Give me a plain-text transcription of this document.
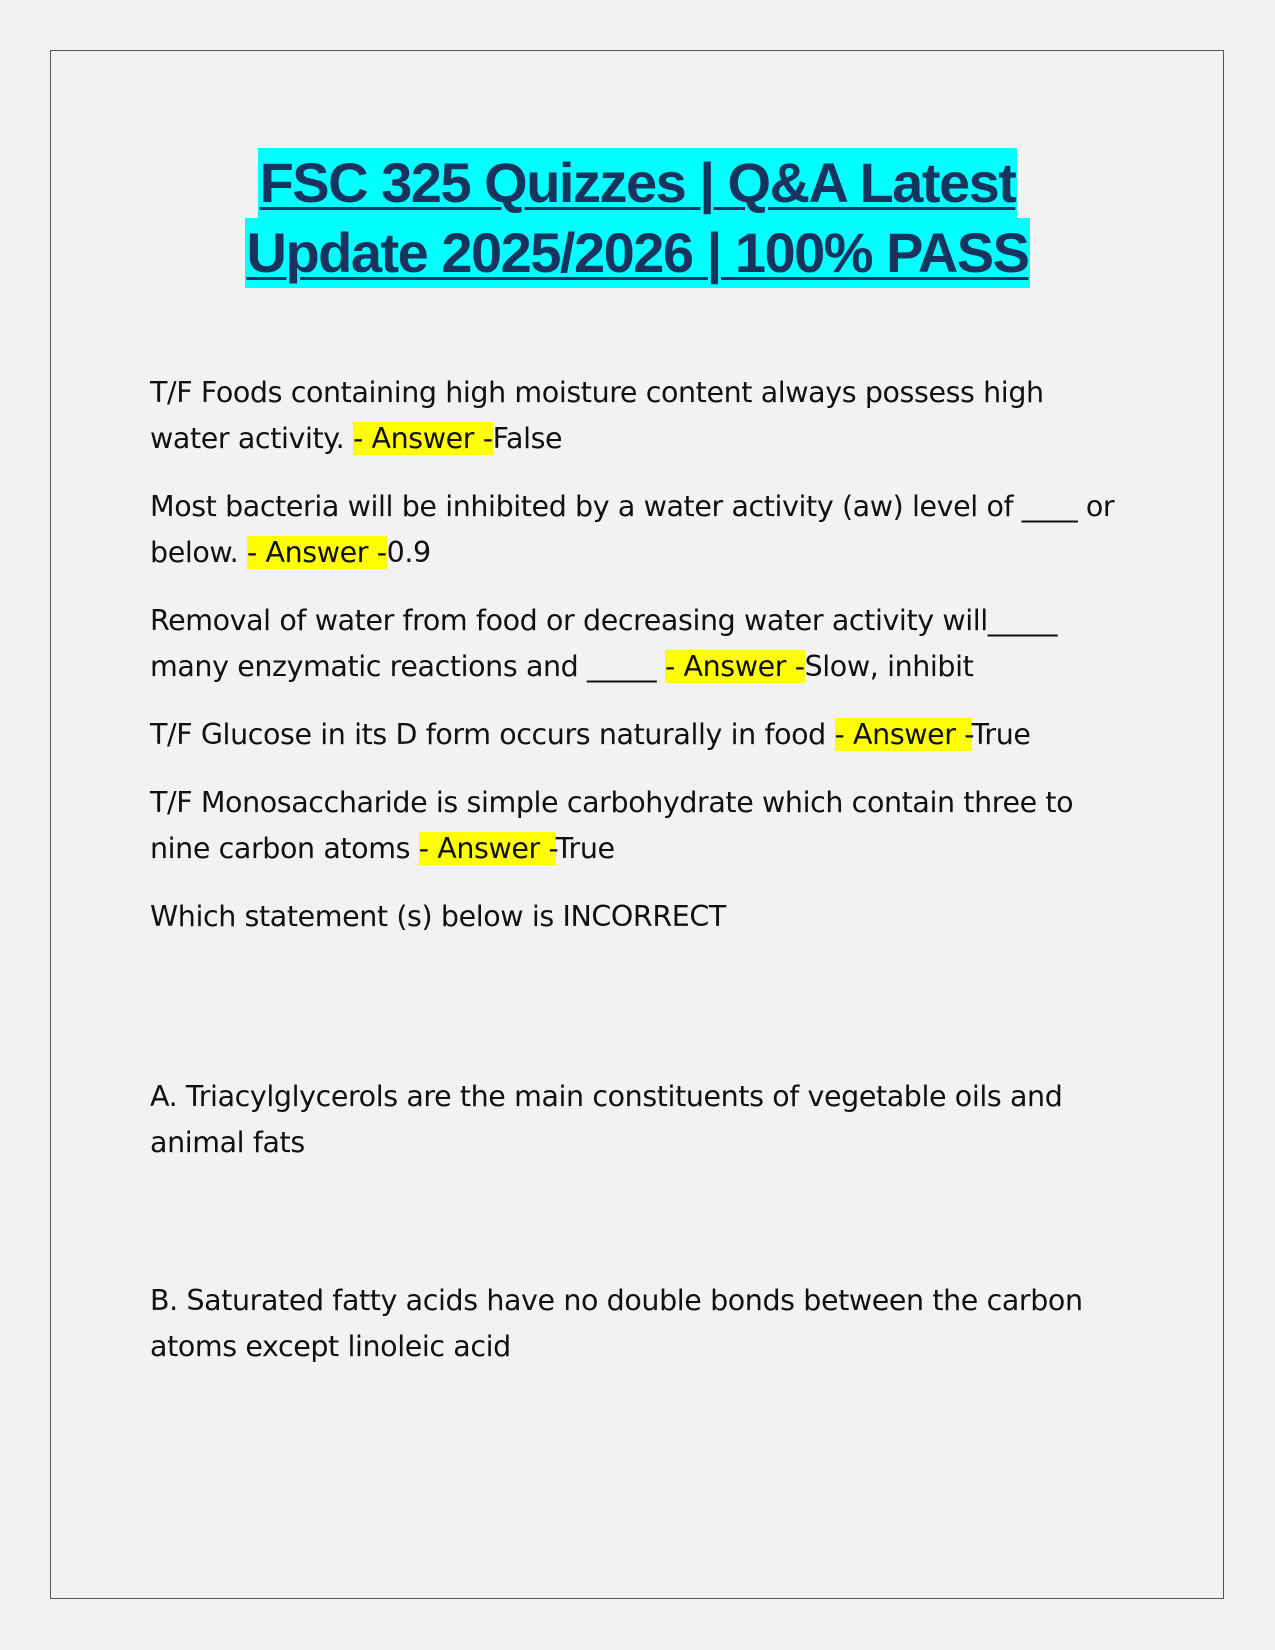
FSC 325 Quizzes | Q&A Latest
Update 2025/2026 | 100% PASS

T/F Foods containing high moisture content always possess high water activity. - Answer -False

Most bacteria will be inhibited by a water activity (aw) level of ____ or below. - Answer -0.9

Removal of water from food or decreasing water activity will_____ many enzymatic reactions and _____ - Answer -Slow, inhibit

T/F Glucose in its D form occurs naturally in food - Answer -True

T/F Monosaccharide is simple carbohydrate which contain three to nine carbon atoms - Answer -True

Which statement (s) below is INCORRECT

A. Triacylglycerols are the main constituents of vegetable oils and animal fats

B. Saturated fatty acids have no double bonds between the carbon atoms except linoleic acid
